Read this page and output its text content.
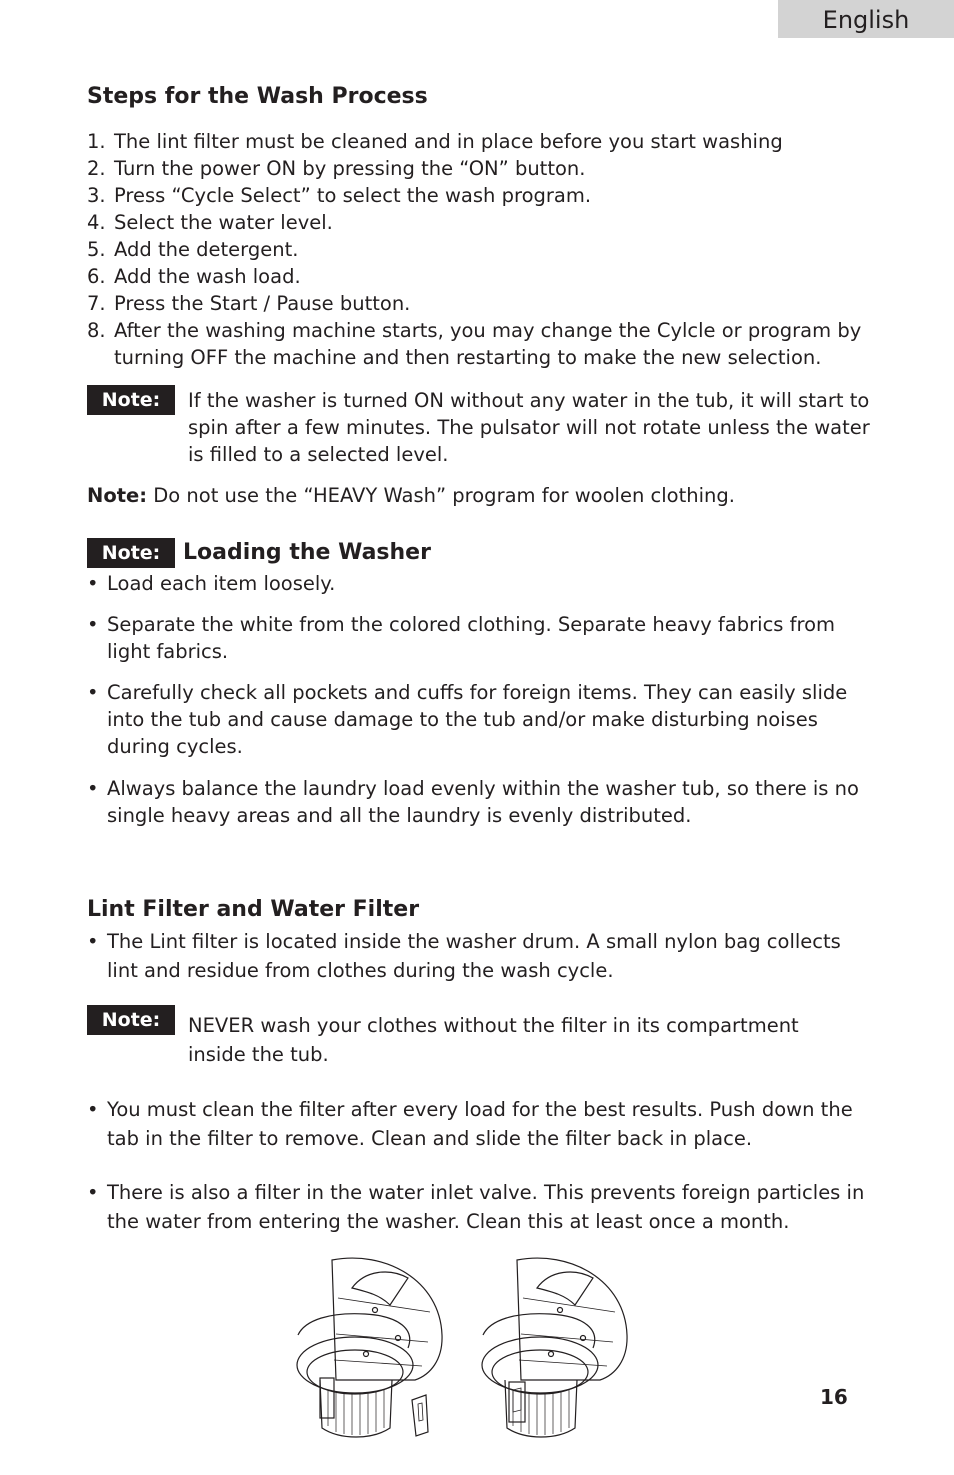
English
Steps for the Wash Process
1. The lint filter must be cleaned and in place before you start washing
2. Turn the power ON by pressing the “ON” button.
3. Press “Cycle Select” to select the wash program.
4. Select the water level.
5. Add the detergent.
6. Add the wash load.
7. Press the Start / Pause button.
8. After the washing machine starts, you may change the Cylcle or program by turning OFF the machine and then restarting to make the new selection.
Note:	If the washer is turned ON without any water in the tub, it will start to spin after a few minutes. The pulsator will not rotate unless the water is filled to a selected level.
Note: Do not use the “HEAVY Wash” program for woolen clothing.
Note:	Loading the Washer
• Load each item loosely.
• Separate the white from the colored clothing. Separate heavy fabrics from light fabrics.
• Carefully check all pockets and cuffs for foreign items. They can easily slide into the tub and cause damage to the tub and/or make disturbing noises during cycles.
• Always balance the laundry load evenly within the washer tub, so there is no single heavy areas and all the laundry is evenly distributed.
Lint Filter and Water Filter
• The Lint filter is located inside the washer drum. A small nylon bag collects lint and residue from clothes during the wash cycle.
Note:	NEVER wash your clothes without the filter in its compartment
inside the tub.
• You must clean the filter after every load for the best results. Push down the tab in the filter to remove. Clean and slide the filter back in place.
• There is also a filter in the water inlet valve. This prevents foreign particles in the water from entering the washer. Clean this at least once a month.
16
